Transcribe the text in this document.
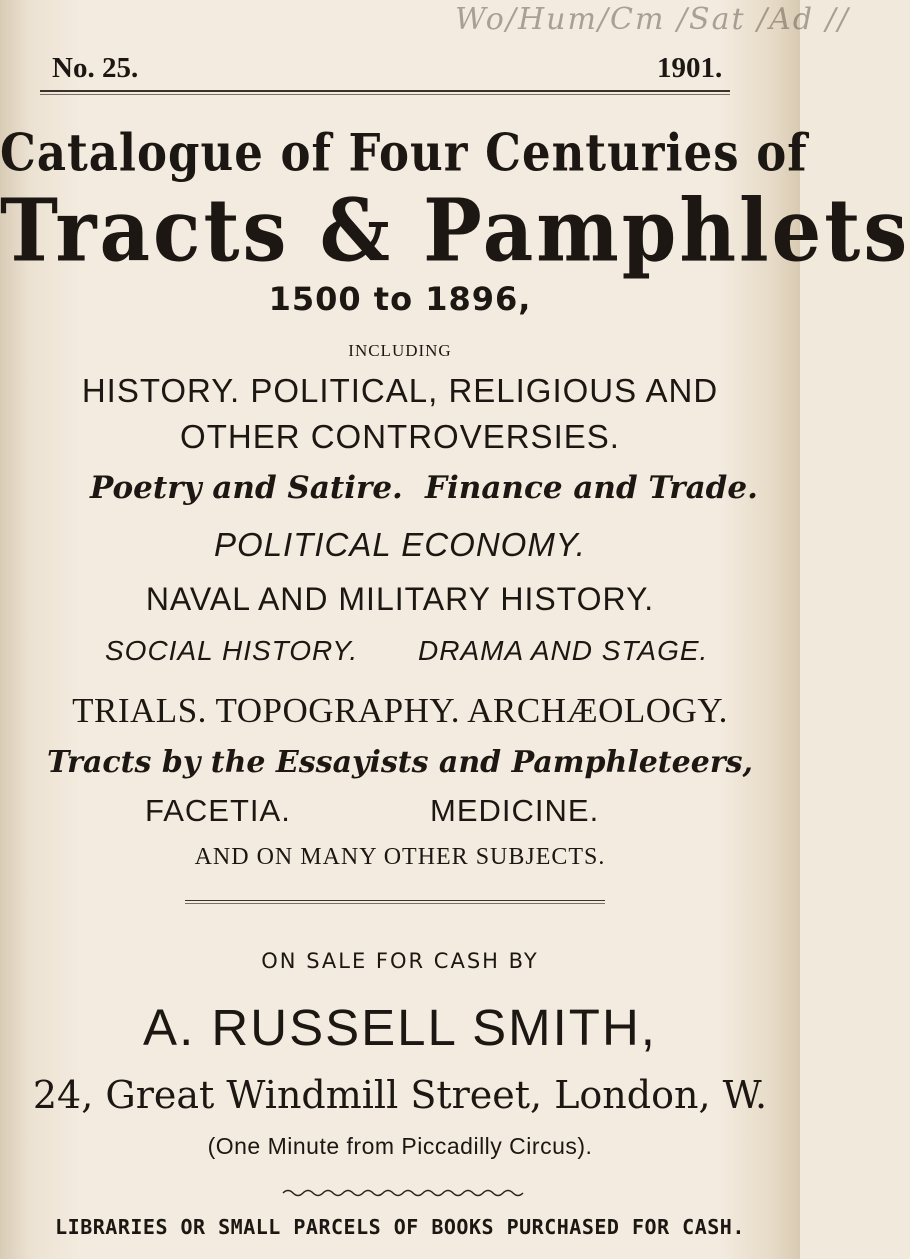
Wo/Hum/Cm /Sat /Ad //
No. 25.	1901.
Catalogue of Four Centuries of
Tracts & Pamphlets
1500 to 1896,
INCLUDING
HISTORY. POLITICAL, RELIGIOUS AND
OTHER CONTROVERSIES.
Poetry and Satire. Finance and Trade.
POLITICAL ECONOMY.
NAVAL AND MILITARY HISTORY.
SOCIAL HISTORY. DRAMA AND STAGE.
TRIALS. TOPOGRAPHY. ARCHÆOLOGY.
Tracts by the Essayists and Pamphleteers,
FACETIA.	MEDICINE.
AND ON MANY OTHER SUBJECTS.
ON SALE FOR CASH BY
A. RUSSELL SMITH,
24, Great Windmill Street, London, W.
(One Minute from Piccadilly Circus).
LIBRARIES OR SMALL PARCELS OF BOOKS PURCHASED FOR CASH.
